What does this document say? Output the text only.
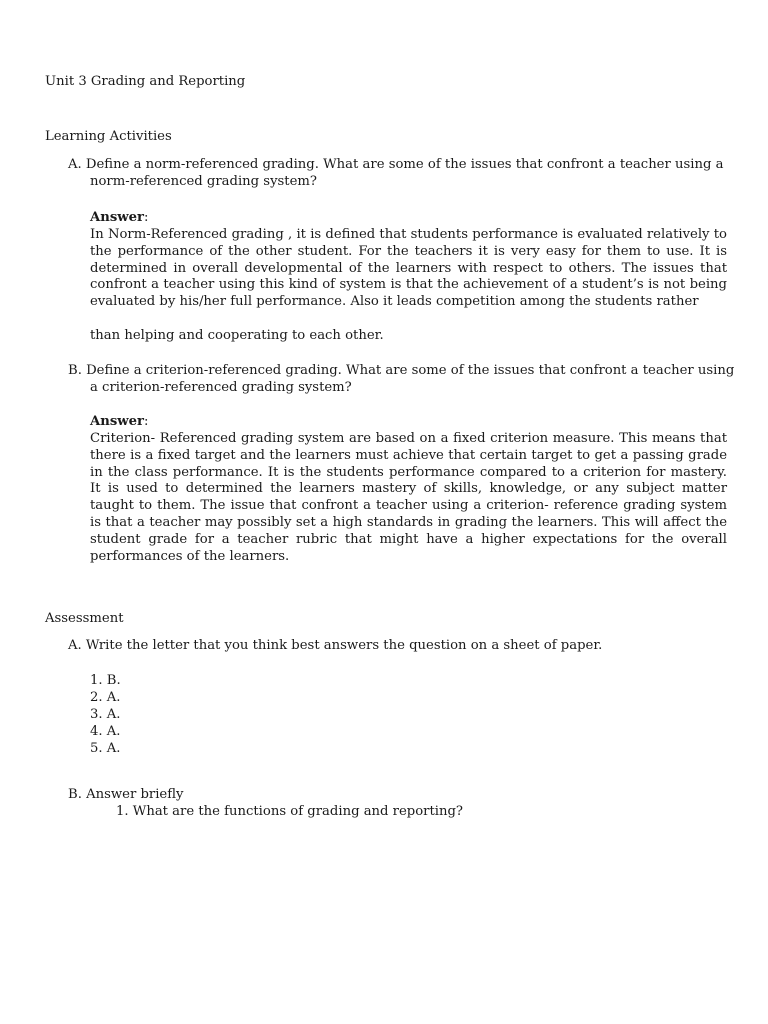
Unit 3 Grading and Reporting
Learning Activities
A. Define a norm-referenced grading. What are some of the issues that confront a teacher using a norm-referenced grading system?
Answer:
In Norm-Referenced grading , it is defined that students performance is evaluated relatively to the performance of the other student. For the teachers it is very easy for them to use. It is determined in overall developmental of the learners with respect to others. The issues that confront a teacher using this kind of system is that the achievement of a student’s is not being evaluated by his/her full performance. Also it leads competition among the students rather
than helping and cooperating to each other.
B. Define a criterion-referenced grading. What are some of the issues that confront a teacher using a criterion-referenced grading system?
Answer:
Criterion- Referenced grading system are based on a fixed criterion measure. This means that there is a fixed target and the learners must achieve that certain target to get a passing grade in the class performance. It is the students performance compared to a criterion for mastery. It is used to determined the learners mastery of skills, knowledge, or any subject matter taught to them. The issue that confront a teacher using a criterion- reference grading system is that a teacher may possibly set a high standards in grading the learners. This will affect the student grade for a teacher rubric that might have a higher expectations for the overall performances of the learners.
Assessment
A. Write the letter that you think best answers the question on a sheet of paper.
1. B.
2. A.
3. A.
4. A.
5. A.
B. Answer briefly
1. What are the functions of grading and reporting?
